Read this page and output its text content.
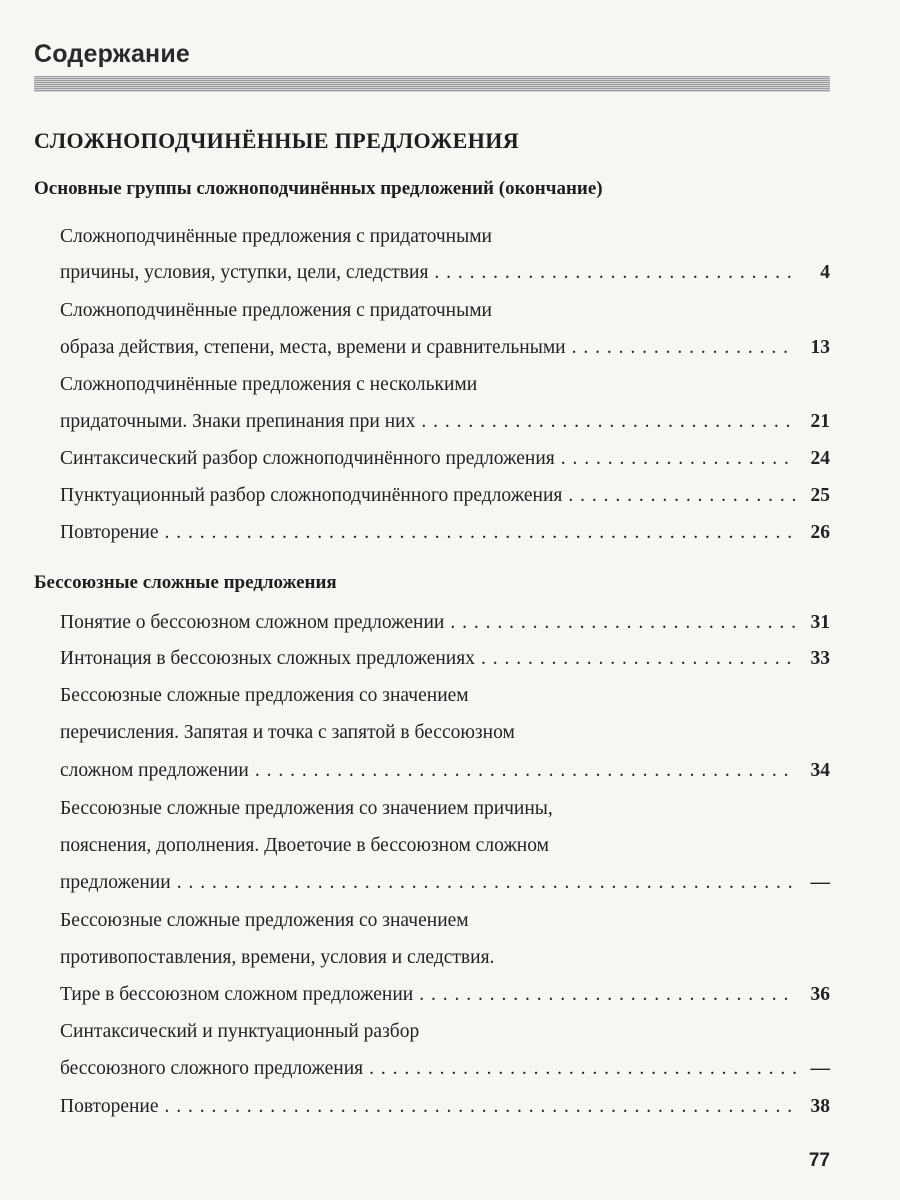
Содержание
СЛОЖНОПОДЧИНЁННЫЕ ПРЕДЛОЖЕНИЯ
Основные группы сложноподчинённых предложений (окончание)
Сложноподчинённые предложения с придаточными
причины, условия, уступки, цели, следствия . . .	4
Сложноподчинённые предложения с придаточными
образа действия, степени, места, времени и сравнительными . . .	13
Сложноподчинённые предложения с несколькими
придаточными. Знаки препинания при них . . .	21
Синтаксический разбор сложноподчинённого предложения . . .	24
Пунктуационный разбор сложноподчинённого предложения . . .	25
Повторение . . .	26
Бессоюзные сложные предложения
Понятие о бессоюзном сложном предложении . . .	31
Интонация в бессоюзных сложных предложениях . . .	33
Бессоюзные сложные предложения со значением
перечисления. Запятая и точка с запятой в бессоюзном
сложном предложении . . .	34
Бессоюзные сложные предложения со значением причины,
пояснения, дополнения. Двоеточие в бессоюзном сложном
предложении . . .	—
Бессоюзные сложные предложения со значением
противопоставления, времени, условия и следствия.
Тире в бессоюзном сложном предложении . . .	36
Синтаксический и пунктуационный разбор
бессоюзного сложного предложения . . .	—
Повторение . . .	38
77
